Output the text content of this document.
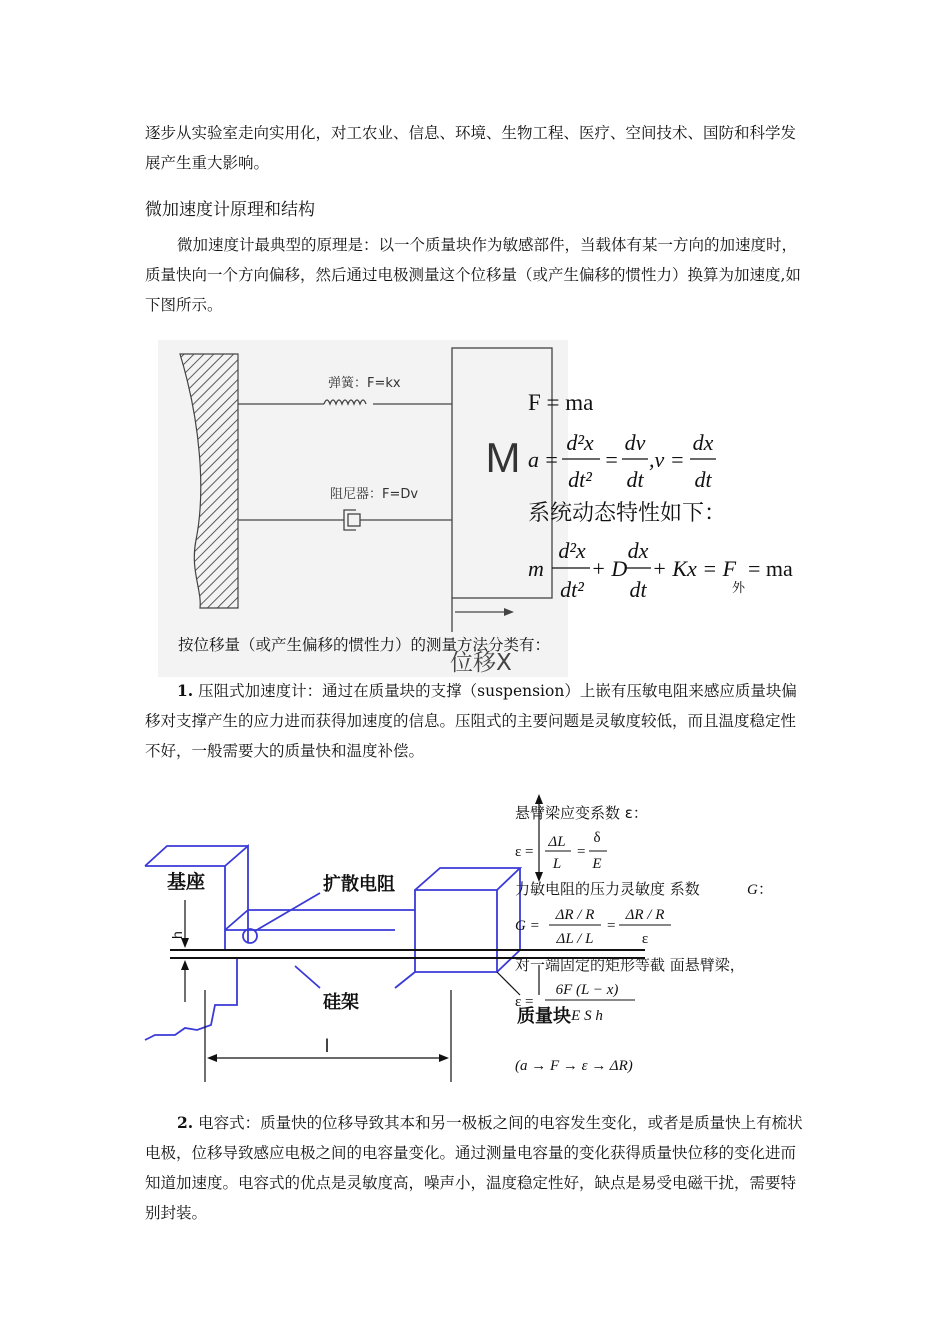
逐步从实验室走向实用化，对工农业、信息、环境、生物工程、医疗、空间技术、国防和科学发展产生重大影响。

微加速度计原理和结构

微加速度计最典型的原理是：以一个质量块作为敏感部件，当载体有某一方向的加速度时，质量快向一个方向偏移，然后通过电极测量这个位移量（或产生偏移的惯性力）换算为加速度,如下图所示。

弹簧：F=kx
阻尼器：F=Dv
M
位移X
F = ma
a =
d²x
dt²
=
dv
dt
,v =
dx
dt
系统动态特性如下：
m
d²x
dt²
+ D
dx
dt
+ Kx = F
外
= ma

按位移量（或产生偏移的惯性力）的测量方法分类有：

1. 压阻式加速度计：通过在质量块的支撑（suspension）上嵌有压敏电阻来感应质量块偏移对支撑产生的应力进而获得加速度的信息。压阻式的主要问题是灵敏度较低，而且温度稳定性不好，一般需要大的质量快和温度补偿。

h
l
基座	扩散电阻
硅架
质量块
悬臂梁应变系数 ε：
ε =
ΔL
L
=
δ
E
力敏电阻的压力灵敏度 系数	G ：
G =
ΔR / R
ΔL / L
=
ΔR / R
ε
对一端固定的矩形等截 面悬臂梁，
ε =
6F (L − x)
E S h
(a → F → ε → ΔR)

2. 电容式：质量快的位移导致其本和另一极板之间的电容发生变化，或者是质量快上有梳状电极，位移导致感应电极之间的电容量变化。通过测量电容量的变化获得质量快位移的变化进而知道加速度。电容式的优点是灵敏度高，噪声小，温度稳定性好，缺点是易受电磁干扰，需要特别封装。
